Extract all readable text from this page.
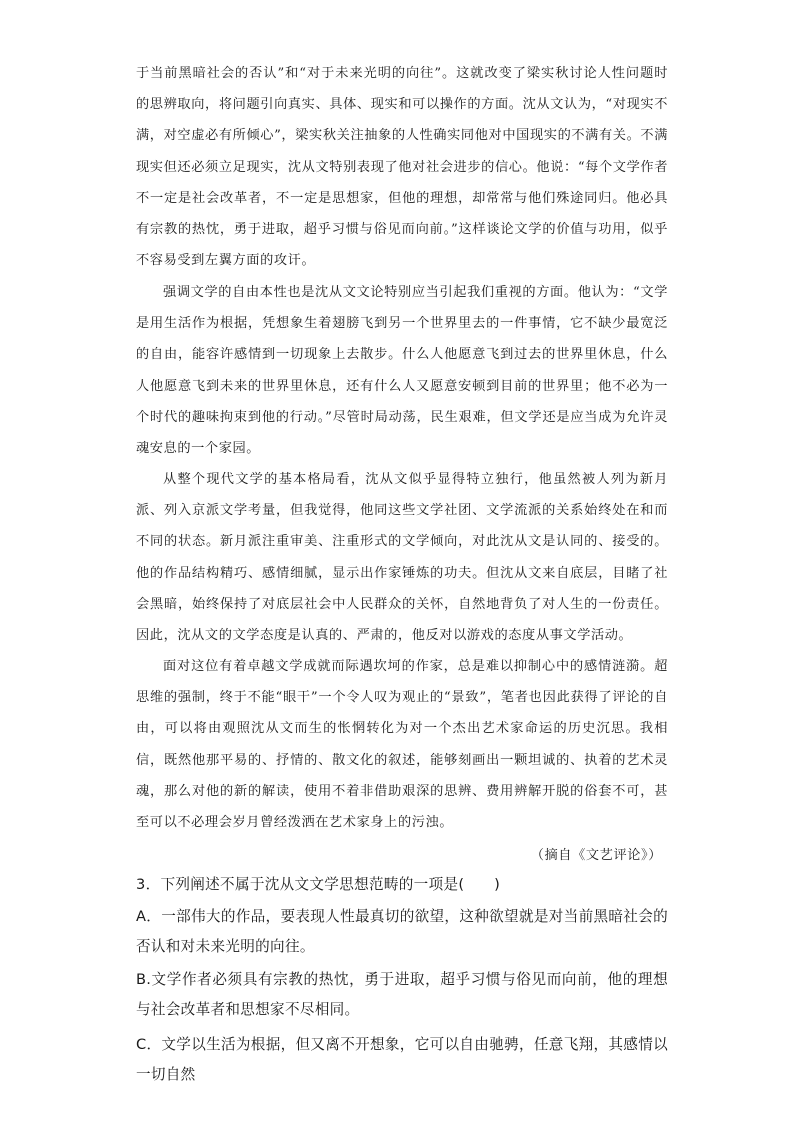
于当前黑暗社会的否认”和“对于未来光明的向往”。这就改变了梁实秋讨论人性问题时的思辨取向，将问题引向真实、具体、现实和可以操作的方面。沈从文认为，“对现实不满，对空虚必有所倾心”，梁实秋关注抽象的人性确实同他对中国现实的不满有关。不满现实但还必须立足现实，沈从文特别表现了他对社会进步的信心。他说：“每个文学作者不一定是社会改革者，不一定是思想家，但他的理想，却常常与他们殊途同归。他必具有宗教的热忱，勇于进取，超乎习惯与俗见而向前。”这样谈论文学的价值与功用，似乎不容易受到左翼方面的攻讦。

强调文学的自由本性也是沈从文文论特别应当引起我们重视的方面。他认为：“文学是用生活作为根据，凭想象生着翅膀飞到另一个世界里去的一件事情，它不缺少最宽泛的自由，能容许感情到一切现象上去散步。什么人他愿意飞到过去的世界里休息，什么人他愿意飞到未来的世界里休息，还有什么人又愿意安顿到目前的世界里；他不必为一个时代的趣味拘束到他的行动。”尽管时局动荡，民生艰难，但文学还是应当成为允许灵魂安息的一个家园。

从整个现代文学的基本格局看，沈从文似乎显得特立独行，他虽然被人列为新月派、列入京派文学考量，但我觉得，他同这些文学社团、文学流派的关系始终处在和而不同的状态。新月派注重审美、注重形式的文学倾向，对此沈从文是认同的、接受的。他的作品结构精巧、感情细腻，显示出作家锤炼的功夫。但沈从文来自底层，目睹了社会黑暗，始终保持了对底层社会中人民群众的关怀，自然地背负了对人生的一份责任。因此，沈从文的文学态度是认真的、严肃的，他反对以游戏的态度从事文学活动。

面对这位有着卓越文学成就而际遇坎坷的作家，总是难以抑制心中的感情涟漪。超思维的强制，终于不能“眼干”一个令人叹为观止的“景致”，笔者也因此获得了评论的自由，可以将由观照沈从文而生的怅惘转化为对一个杰出艺术家命运的历史沉思。我相信，既然他那平易的、抒情的、散文化的叙述，能够刻画出一颗坦诚的、执着的艺术灵魂，那么对他的新的解读，使用不着非借助艰深的思辨、费用辨解开脱的俗套不可，甚至可以不必理会岁月曾经泼洒在艺术家身上的污浊。

（摘自《文艺评论》）

3．下列阐述不属于沈从文文学思想范畴的一项是(　　)

A．一部伟大的作品，要表现人性最真切的欲望，这种欲望就是对当前黑暗社会的否认和对未来光明的向往。

B.文学作者必须具有宗教的热忱，勇于进取，超乎习惯与俗见而向前，他的理想与社会改革者和思想家不尽相同。

C．文学以生活为根据，但又离不开想象，它可以自由驰骋，任意飞翔，其感情以一切自然
